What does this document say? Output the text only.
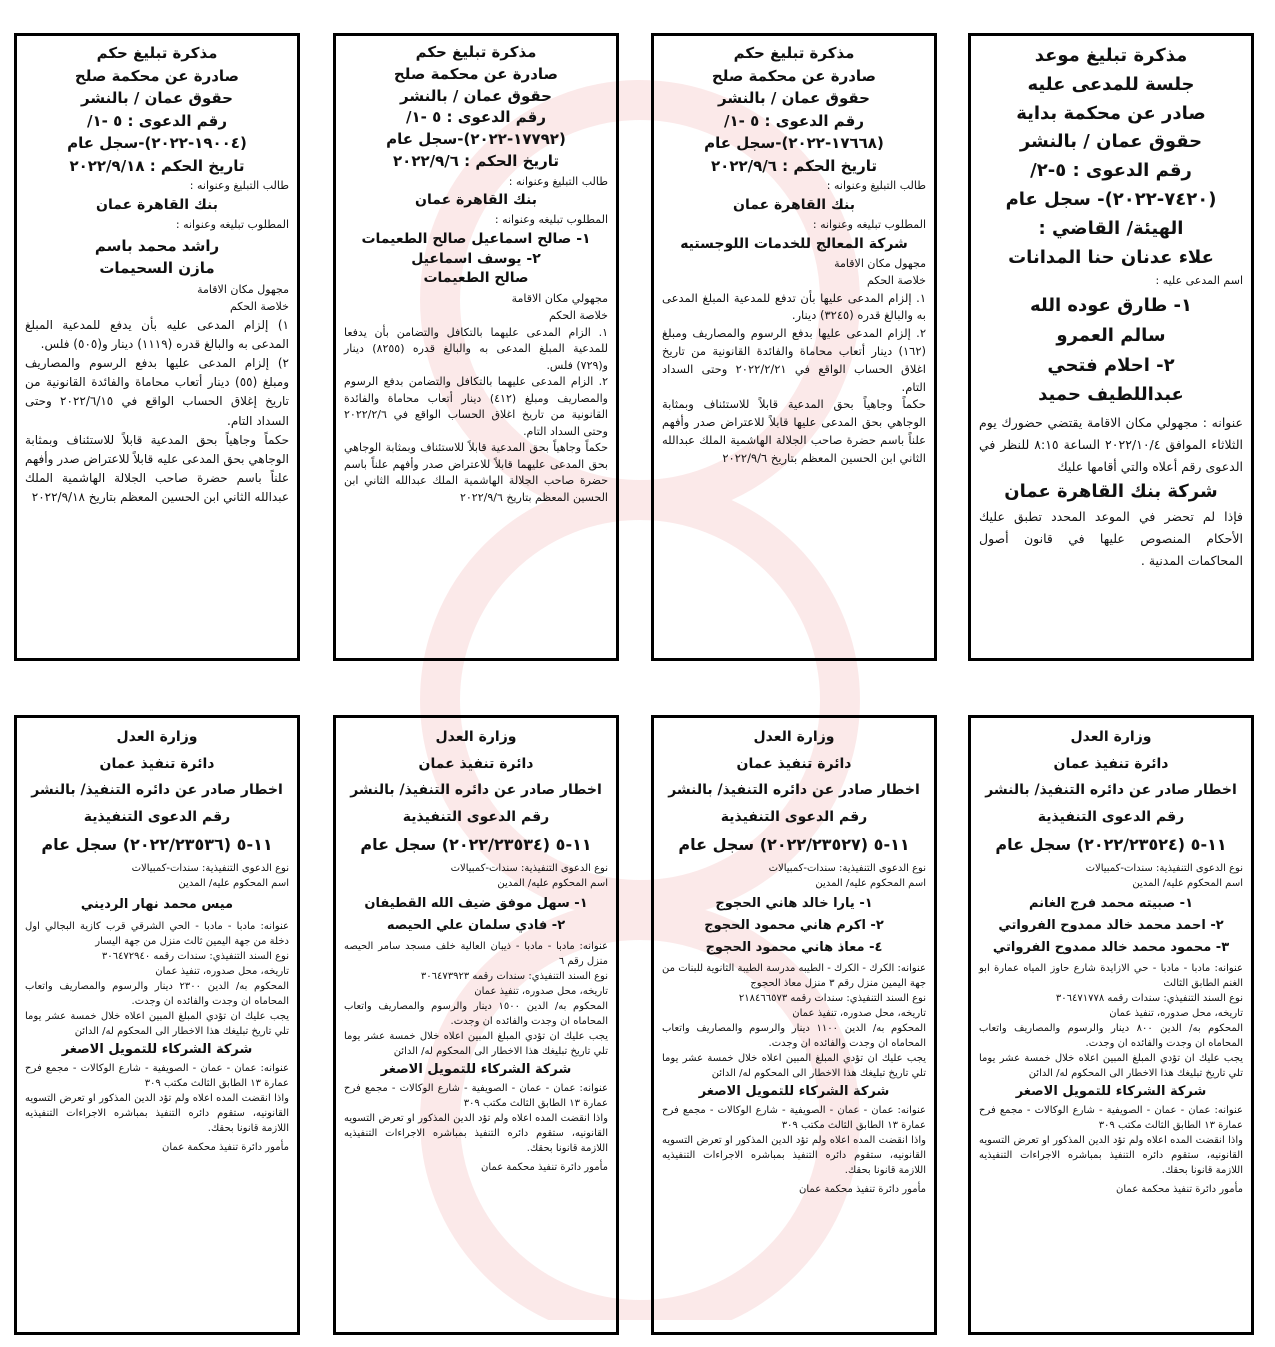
مذكرة تبليغ موعد
جلسة للمدعى عليه
صادر عن محكمة بداية
حقوق عمان / بالنشر
رقم الدعوى : ٥-٢/
(٧٤٢٠-٢٠٢٢)- سجل عام
الهيئة/ القاضي :
علاء عدنان حنا المدانات
اسم المدعى عليه :
١- طارق عوده الله
سالم العمرو
٢- احلام فتحي
عبداللطيف حميد

عنوانه : مجهولي مكان الاقامة يقتضي حضورك يوم الثلاثاء الموافق ٢٠٢٢/١٠/٤ الساعة ٨:١٥ للنظر في الدعوى رقم أعلاه والتي أقامها عليك

شركة بنك القاهرة عمان

فإذا لم تحضر في الموعد المحدد تطبق عليك الأحكام المنصوص عليها في قانون أصول المحاكمات المدنية .

مذكرة تبليغ حكم
صادرة عن محكمة صلح
حقوق عمان / بالنشر
رقم الدعوى : ٥ -١/
(١٧٦٦٨-٢٠٢٢)-سجل عام
تاريخ الحكم : ٢٠٢٢/٩/٦
طالب التبليغ وعنوانه :
بنك القاهرة عمان
المطلوب تبليغه وعنوانه :
شركة المعالج للخدمات اللوجستيه
مجهول مكان الاقامة
خلاصة الحكم

١. إلزام المدعى عليها بأن تدفع للمدعية المبلغ المدعى به والبالغ قدره (٣٢٤٥) دينار.

٢. إلزام المدعى عليها بدفع الرسوم والمصاريف ومبلغ (١٦٢) دينار أتعاب محاماة والفائدة القانونية من تاريخ اغلاق الحساب الواقع في ٢٠٢٢/٢/٢١ وحتى السداد التام.

حكماً وجاهياً بحق المدعية قابلاً للاستئناف وبمثابة الوجاهي بحق المدعى عليها قابلاً للاعتراض صدر وأفهم علناً باسم حضرة صاحب الجلالة الهاشمية الملك عبدالله الثاني ابن الحسين المعظم بتاريخ ٢٠٢٢/٩/٦

مذكرة تبليغ حكم
صادرة عن محكمة صلح
حقوق عمان / بالنشر
رقم الدعوى : ٥ -١/
(١٧٧٩٢-٢٠٢٢)-سجل عام
تاريخ الحكم : ٢٠٢٢/٩/٦
طالب التبليغ وعنوانه :
بنك القاهرة عمان
المطلوب تبليغه وعنوانه :
١- صالح اسماعيل صالح الطعيمات
٢- يوسف اسماعيل
صالح الطعيمات
مجهولي مكان الاقامة
خلاصة الحكم

١. الزام المدعى عليهما بالتكافل والتضامن بأن يدفعا للمدعية المبلغ المدعى به والبالغ قدره (٨٢٥٥) دينار و(٧٢٩) فلس.

٢. الزام المدعى عليهما بالتكافل والتضامن بدفع الرسوم والمصاريف ومبلغ (٤١٢) دينار أتعاب محاماة والفائدة القانونية من تاريخ اغلاق الحساب الواقع في ٢٠٢٢/٢/٦ وحتى السداد التام.

حكماً وجاهياً بحق المدعية قابلاً للاستئناف وبمثابة الوجاهي بحق المدعى عليهما قابلاً للاعتراض صدر وأفهم علناً باسم حضرة صاحب الجلالة الهاشمية الملك عبدالله الثاني ابن الحسين المعظم بتاريخ ٢٠٢٢/٩/٦

مذكرة تبليغ حكم
صادرة عن محكمة صلح
حقوق عمان / بالنشر
رقم الدعوى : ٥ -١/
(١٩٠٠٤-٢٠٢٢)-سجل عام
تاريخ الحكم : ٢٠٢٢/٩/١٨
طالب التبليغ وعنوانه :
بنك القاهرة عمان
المطلوب تبليغه وعنوانه :
راشد محمد باسم
مازن السحيمات
مجهول مكان الاقامة
خلاصة الحكم

١) إلزام المدعى عليه بأن يدفع للمدعية المبلغ المدعى به والبالغ قدره (١١١٩) دينار و(٥٠٥) فلس.

٢) إلزام المدعى عليها بدفع الرسوم والمصاريف ومبلغ (٥٥) دينار أتعاب محاماة والفائدة القانونية من تاريخ إغلاق الحساب الواقع في ٢٠٢٢/٦/١٥ وحتى السداد التام.

حكماً وجاهياً بحق المدعية قابلاً للاستئناف وبمثابة الوجاهي بحق المدعى عليه قابلاً للاعتراض صدر وأفهم علناً باسم حضرة صاحب الجلالة الهاشمية الملك عبدالله الثاني ابن الحسين المعظم بتاريخ ٢٠٢٢/٩/١٨

وزارة العدل
دائرة تنفيذ عمان
اخطار صادر عن دائره التنفيذ/ بالنشر
رقم الدعوى التنفيذية
١١-٥ (٢٠٢٢/٢٣٥٢٤) سجل عام

نوع الدعوى التنفيذية: سندات-كمبيالات

اسم المحكوم عليه/ المدين

١- صبيته محمد فرج الغانم
٢- احمد محمد خالد ممدوح الفرواتي
٣- محمود محمد خالد ممدوح الفرواتي

عنوانه: مادبا - مادبا - حي الازايدة شارع حاوز المياه عمارة ابو الغنم الطابق الثالث

نوع السند التنفيذي: سندات رقمه ٣٠٦٤٧١٧٧٨

تاريخه، محل صدوره، تنفيذ عمان

المحكوم به/ الدين ٨٠٠ دينار والرسوم والمصاريف واتعاب المحاماه ان وجدت والفائده ان وجدت.

يجب عليك ان تؤدي المبلغ المبين اعلاه خلال خمسة عشر يوما تلي تاريخ تبليغك هذا الاخطار الى المحكوم له/ الدائن

شركة الشركاء للتمويل الاصغر

عنوانه: عمان - عمان - الصويفية - شارع الوكالات - مجمع فرح عمارة ١٣ الطابق الثالث مكتب ٣٠٩

واذا انقضت المده اعلاه ولم تؤد الدين المذكور او تعرض التسويه القانونيه، ستقوم دائره التنفيذ بمباشره الاجراءات التنفيذيه اللازمة قانونا بحقك.

مأمور دائرة تنفيذ محكمة عمان

وزارة العدل
دائرة تنفيذ عمان
اخطار صادر عن دائره التنفيذ/ بالنشر
رقم الدعوى التنفيذية
١١-٥ (٢٠٢٢/٢٣٥٢٧) سجل عام

نوع الدعوى التنفيذية: سندات-كمبيالات

اسم المحكوم عليه/ المدين

١- يارا خالد هاني الحجوج
٢- اكرم هاني محمود الحجوج
٤- معاذ هاني محمود الحجوج

عنوانه: الكرك - الكرك - الطيبه مدرسة الطيبة الثانوية للبنات من جهة اليمين منزل رقم ٣ منزل معاذ الحجوج

نوع السند التنفيذي: سندات رقمه ٢١٨٤٦٦٥٧٣

تاريخه، محل صدوره، تنفيذ عمان

المحكوم به/ الدين ١١٠٠ دينار والرسوم والمصاريف واتعاب المحاماه ان وجدت والفائده ان وجدت.

يجب عليك ان تؤدي المبلغ المبين اعلاه خلال خمسة عشر يوما تلي تاريخ تبليغك هذا الاخطار الى المحكوم له/ الدائن

شركة الشركاء للتمويل الاصغر

عنوانه: عمان - عمان - الصويفية - شارع الوكالات - مجمع فرح عمارة ١٣ الطابق الثالث مكتب ٣٠٩

واذا انقضت المده اعلاه ولم تؤد الدين المذكور او تعرض التسويه القانونيه، ستقوم دائره التنفيذ بمباشره الاجراءات التنفيذيه اللازمة قانونا بحقك.

مأمور دائرة تنفيذ محكمة عمان

وزارة العدل
دائرة تنفيذ عمان
اخطار صادر عن دائره التنفيذ/ بالنشر
رقم الدعوى التنفيذية
١١-٥ (٢٠٢٢/٢٣٥٣٤) سجل عام

نوع الدعوى التنفيذية: سندات-كمبيالات

اسم المحكوم عليه/ المدين

١- سهل موفق ضيف الله القطيفان
٢- فادي سلمان علي الحيصه

عنوانه: مادبا - مادبا - ذيبان العالية خلف مسجد سامر الحيصه منزل رقم ٦

نوع السند التنفيذي: سندات رقمه ٣٠٦٤٧٣٩٢٣

تاريخه، محل صدوره، تنفيذ عمان

المحكوم به/ الدين ١٥٠٠ دينار والرسوم والمصاريف واتعاب المحاماه ان وجدت والفائده ان وجدت.

يجب عليك ان تؤدي المبلغ المبين اعلاه خلال خمسة عشر يوما تلي تاريخ تبليغك هذا الاخطار الى المحكوم له/ الدائن

شركة الشركاء للتمويل الاصغر

عنوانه: عمان - عمان - الصويفية - شارع الوكالات - مجمع فرح عمارة ١٣ الطابق الثالث مكتب ٣٠٩

واذا انقضت المده اعلاه ولم تؤد الدين المذكور او تعرض التسويه القانونيه، ستقوم دائره التنفيذ بمباشره الاجراءات التنفيذيه اللازمة قانونا بحقك.

مأمور دائرة تنفيذ محكمة عمان

وزارة العدل
دائرة تنفيذ عمان
اخطار صادر عن دائره التنفيذ/ بالنشر
رقم الدعوى التنفيذية
١١-٥ (٢٠٢٢/٢٣٥٣٦) سجل عام

نوع الدعوى التنفيذية: سندات-كمبيالات

اسم المحكوم عليه/ المدين

ميس محمد نهار الرديني

عنوانه: مادبا - مادبا - الحي الشرقي قرب كازية البجالي اول دخلة من جهة اليمين ثالث منزل من جهة اليسار

نوع السند التنفيذي: سندات رقمه ٣٠٦٤٧٢٩٤٠

تاريخه، محل صدوره، تنفيذ عمان

المحكوم به/ الدين ٢٣٠٠ دينار والرسوم والمصاريف واتعاب المحاماه ان وجدت والفائده ان وجدت.

يجب عليك ان تؤدي المبلغ المبين اعلاه خلال خمسة عشر يوما تلي تاريخ تبليغك هذا الاخطار الى المحكوم له/ الدائن

شركة الشركاء للتمويل الاصغر

عنوانه: عمان - عمان - الصويفية - شارع الوكالات - مجمع فرح عمارة ١٣ الطابق الثالث مكتب ٣٠٩

واذا انقضت المده اعلاه ولم تؤد الدين المذكور او تعرض التسويه القانونيه، ستقوم دائره التنفيذ بمباشره الاجراءات التنفيذيه اللازمة قانونا بحقك.

مأمور دائرة تنفيذ محكمة عمان
